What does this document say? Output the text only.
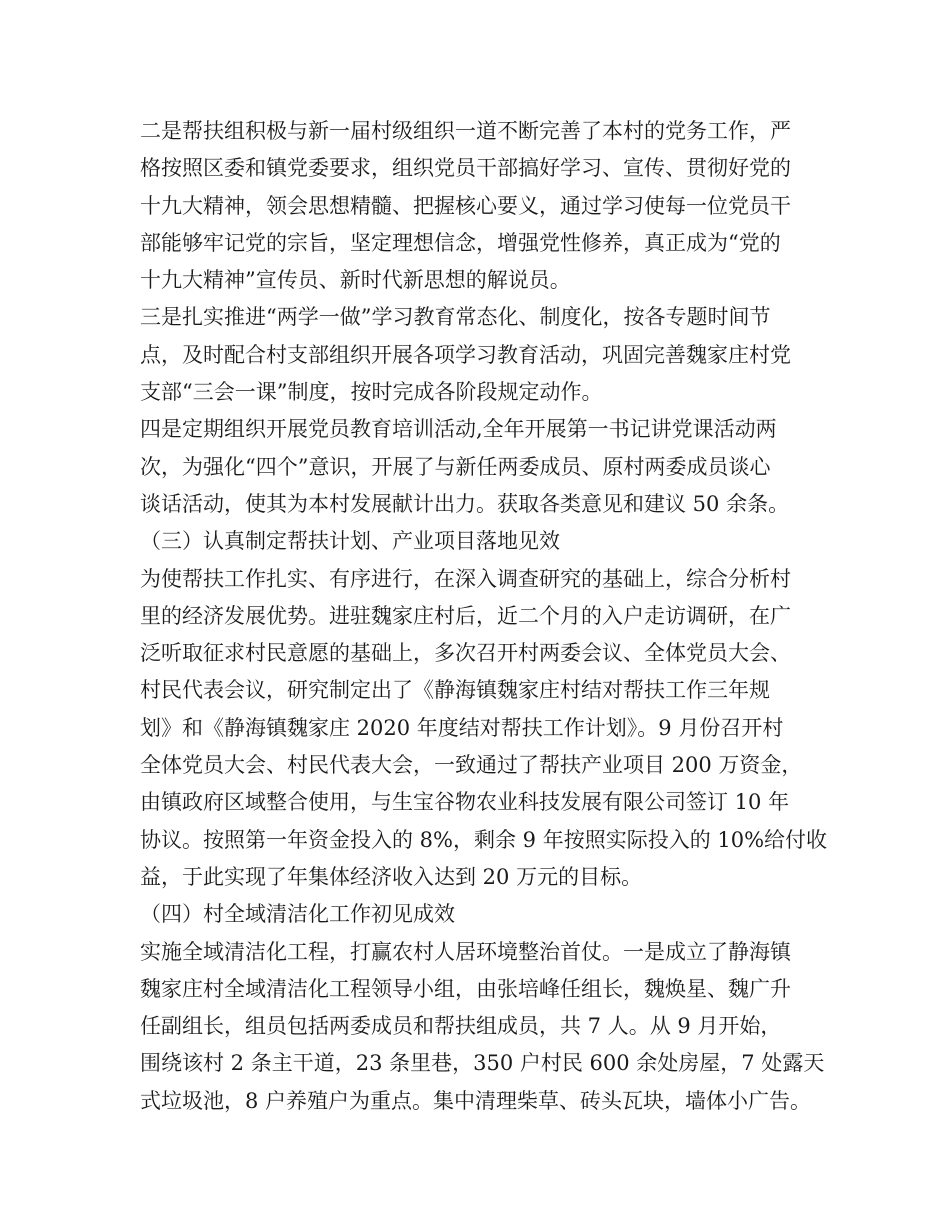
二是帮扶组积极与新一届村级组织一道不断完善了本村的党务工作，严
格按照区委和镇党委要求，组织党员干部搞好学习、宣传、贯彻好党的
十九大精神，领会思想精髓、把握核心要义，通过学习使每一位党员干
部能够牢记党的宗旨，坚定理想信念，增强党性修养，真正成为“党的
十九大精神”宣传员、新时代新思想的解说员。
三是扎实推进“两学一做”学习教育常态化、制度化，按各专题时间节
点，及时配合村支部组织开展各项学习教育活动，巩固完善魏家庄村党
支部“三会一课”制度，按时完成各阶段规定动作。
四是定期组织开展党员教育培训活动,全年开展第一书记讲党课活动两
次，为强化“四个”意识，开展了与新任两委成员、原村两委成员谈心
谈话活动，使其为本村发展献计出力。获取各类意见和建议 50 余条。
（三）认真制定帮扶计划、产业项目落地见效
为使帮扶工作扎实、有序进行，在深入调查研究的基础上，综合分析村
里的经济发展优势。进驻魏家庄村后，近二个月的入户走访调研，在广
泛听取征求村民意愿的基础上，多次召开村两委会议、全体党员大会、
村民代表会议，研究制定出了《静海镇魏家庄村结对帮扶工作三年规
划》和《静海镇魏家庄 2020 年度结对帮扶工作计划》。9 月份召开村
全体党员大会、村民代表大会，一致通过了帮扶产业项目 200 万资金，
由镇政府区域整合使用，与生宝谷物农业科技发展有限公司签订 10 年
协议。按照第一年资金投入的 8%，剩余 9 年按照实际投入的 10%给付收
益，于此实现了年集体经济收入达到 20 万元的目标。
（四）村全域清洁化工作初见成效
实施全域清洁化工程，打赢农村人居环境整治首仗。一是成立了静海镇
魏家庄村全域清洁化工程领导小组，由张培峰任组长，魏焕星、魏广升
任副组长，组员包括两委成员和帮扶组成员，共 7 人。从 9 月开始，
围绕该村 2 条主干道，23 条里巷，350 户村民 600 余处房屋，7 处露天
式垃圾池，8 户养殖户为重点。集中清理柴草、砖头瓦块，墙体小广告。
